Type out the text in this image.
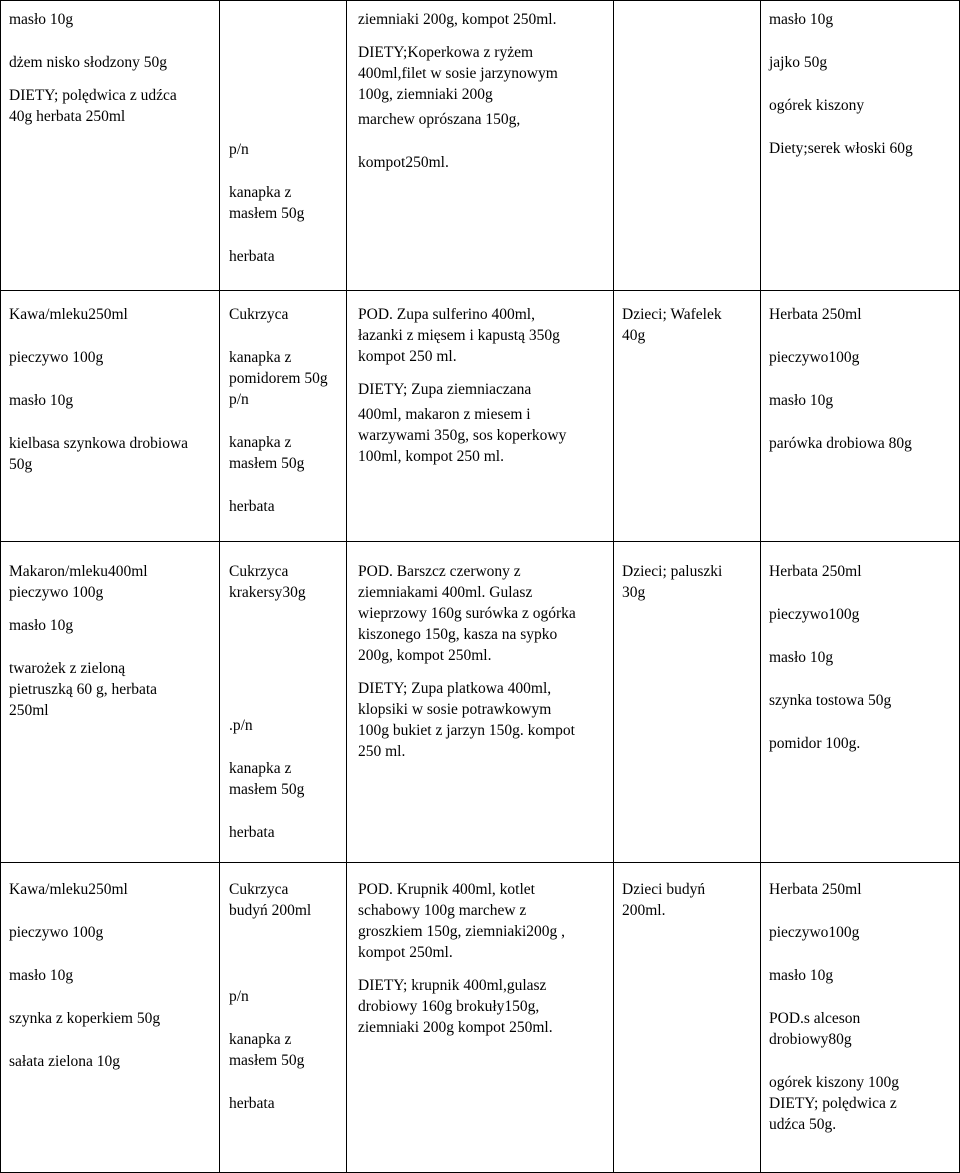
masło 10g

dżem nisko słodzony 50g

DIETY; polędwica z udźca

40g herbata 250ml

p/n

kanapka z

masłem 50g

herbata

ziemniaki 200g, kompot 250ml.

DIETY;Koperkowa z ryżem

400ml,filet w sosie jarzynowym

100g, ziemniaki 200g

marchew oprószana 150g,

kompot250ml.

masło 10g

jajko 50g

ogórek kiszony

Diety;serek włoski 60g

Kawa/mleku250ml

pieczywo 100g

masło 10g

kielbasa szynkowa drobiowa

50g

Cukrzyca

kanapka z

pomidorem 50g

p/n

kanapka z

masłem 50g

herbata

POD. Zupa sulferino 400ml,

łazanki z mięsem i kapustą 350g

kompot 250 ml.

DIETY; Zupa ziemniaczana

400ml, makaron z miesem i

warzywami 350g, sos koperkowy

100ml, kompot 250 ml.

Dzieci; Wafelek

40g

Herbata 250ml

pieczywo100g

masło 10g

parówka drobiowa 80g

Makaron/mleku400ml

pieczywo 100g

masło 10g

twarożek z zieloną

pietruszką 60 g, herbata

250ml

Cukrzyca

krakersy30g

.p/n

kanapka z

masłem 50g

herbata

POD. Barszcz czerwony z

ziemniakami 400ml. Gulasz

wieprzowy 160g surówka z ogórka

kiszonego 150g, kasza na sypko

200g, kompot 250ml.

DIETY; Zupa platkowa 400ml,

klopsiki w sosie potrawkowym

100g bukiet z jarzyn 150g. kompot

250 ml.

Dzieci; paluszki

30g

Herbata 250ml

pieczywo100g

masło 10g

szynka tostowa 50g

pomidor 100g.

Kawa/mleku250ml

pieczywo 100g

masło 10g

szynka z koperkiem 50g

sałata zielona 10g

Cukrzyca

budyń 200ml

p/n

kanapka z

masłem 50g

herbata

POD. Krupnik 400ml, kotlet

schabowy 100g marchew z

groszkiem 150g, ziemniaki200g ,

kompot 250ml.

DIETY; krupnik 400ml,gulasz

drobiowy 160g brokuły150g,

ziemniaki 200g kompot 250ml.

Dzieci budyń

200ml.

Herbata 250ml

pieczywo100g

masło 10g

POD.s alceson

drobiowy80g

ogórek kiszony 100g

DIETY; polędwica z

udźca 50g.
